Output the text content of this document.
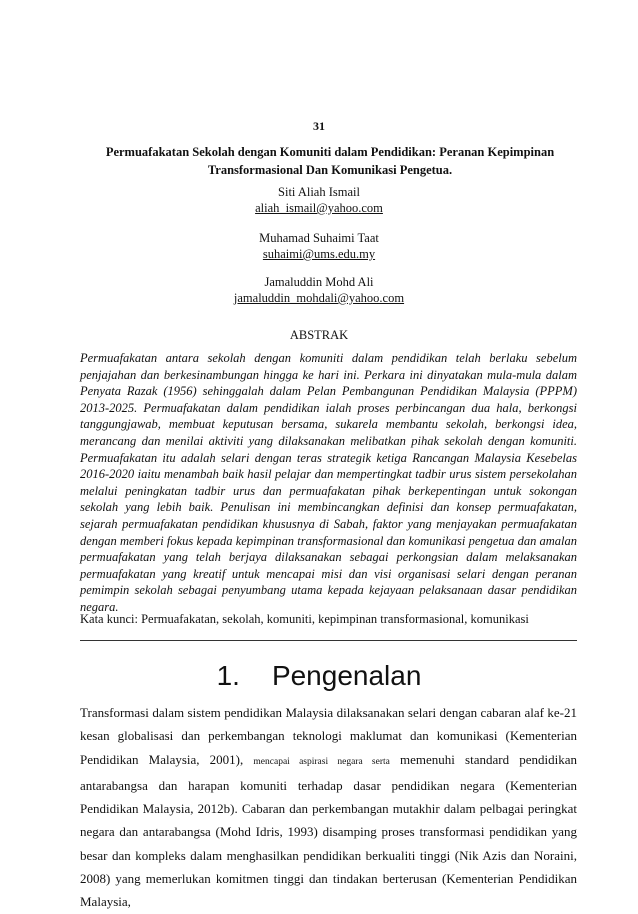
31
Permuafakatan Sekolah dengan Komuniti dalam Pendidikan: Peranan Kepimpinan Transformasional Dan Komunikasi Pengetua.
Siti Aliah Ismail
aliah_ismail@yahoo.com
Muhamad Suhaimi Taat
suhaimi@ums.edu.my
Jamaluddin Mohd Ali
jamaluddin_mohdali@yahoo.com
ABSTRAK

Permuafakatan antara sekolah dengan komuniti dalam pendidikan telah berlaku sebelum penjajahan dan berkesinambungan hingga ke hari ini. Perkara ini dinyatakan mula-mula dalam Penyata Razak (1956) sehinggalah dalam Pelan Pembangunan Pendidikan Malaysia (PPPM) 2013-2025. Permuafakatan dalam pendidikan ialah proses perbincangan dua hala, berkongsi tanggungjawab, membuat keputusan bersama, sukarela membantu sekolah, berkongsi idea, merancang dan menilai aktiviti yang dilaksanakan melibatkan pihak sekolah dengan komuniti. Permuafakatan itu adalah selari dengan teras strategik ketiga Rancangan Malaysia Kesebelas 2016-2020 iaitu menambah baik hasil pelajar dan mempertingkat tadbir urus sistem persekolahan melalui peningkatan tadbir urus dan permuafakatan pihak berkepentingan untuk sokongan sekolah yang lebih baik. Penulisan ini membincangkan definisi dan konsep permuafakatan, sejarah permuafakatan pendidikan khususnya di Sabah, faktor yang menjayakan permuafakatan dengan memberi fokus kepada kepimpinan transformasional dan komunikasi pengetua dan amalan permuafakatan yang telah berjaya dilaksanakan sebagai perkongsian dalam melaksanakan permuafakatan yang kreatif untuk mencapai misi dan visi organisasi selari dengan peranan pemimpin sekolah sebagai penyumbang utama kepada kejayaan pelaksanaan dasar pendidikan negara.

Kata kunci: Permuafakatan, sekolah, komuniti, kepimpinan transformasional, komunikasi

1. Pengenalan

Transformasi dalam sistem pendidikan Malaysia dilaksanakan selari dengan cabaran alaf ke-21 kesan globalisasi dan perkembangan teknologi maklumat dan komunikasi (Kementerian Pendidikan Malaysia, 2001), mencapai aspirasi negara serta memenuhi standard pendidikan antarabangsa dan harapan komuniti terhadap dasar pendidikan negara (Kementerian Pendidikan Malaysia, 2012b). Cabaran dan perkembangan mutakhir dalam pelbagai peringkat negara dan antarabangsa (Mohd Idris, 1993) disamping proses transformasi pendidikan yang besar dan kompleks dalam menghasilkan pendidikan berkualiti tinggi (Nik Azis dan Noraini, 2008) yang memerlukan komitmen tinggi dan tindakan berterusan (Kementerian Pendidikan Malaysia,
